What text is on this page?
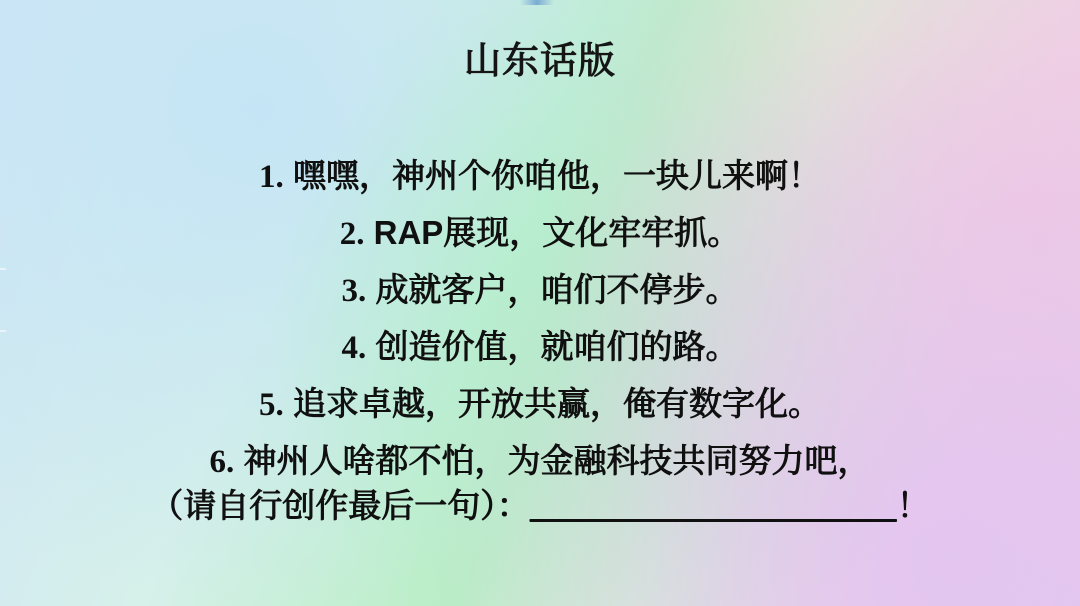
山东话版
1. 嘿嘿，神州个你咱他，一块儿来啊！
2. RAP展现，文化牢牢抓。
3. 成就客户，咱们不停步。
4. 创造价值，就咱们的路。
5. 追求卓越，开放共赢，俺有数字化。
6. 神州人啥都不怕，为金融科技共同努力吧，
（请自行创作最后一句）：____________________！
